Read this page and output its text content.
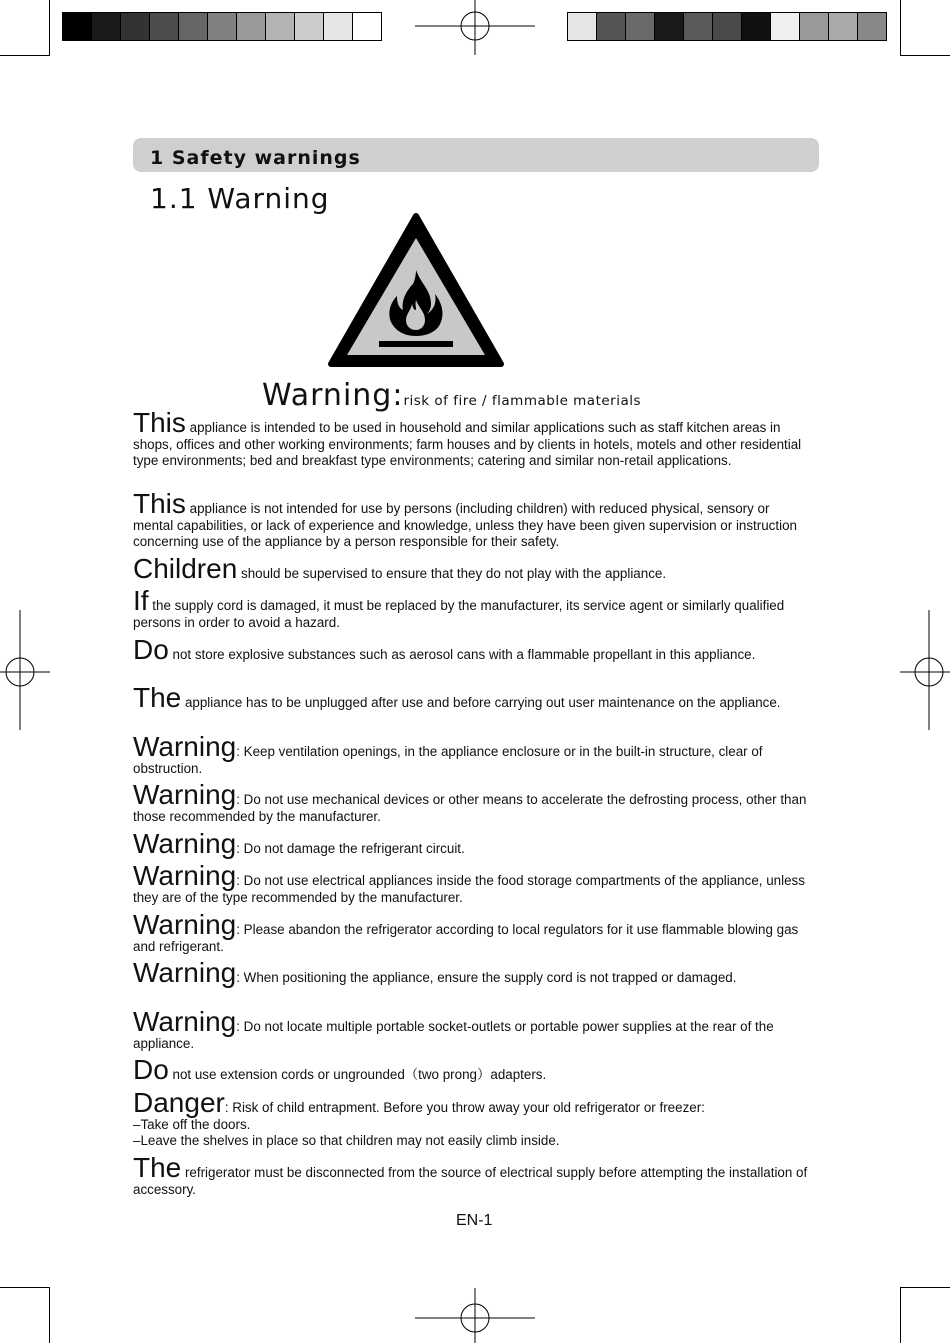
1 Safety warnings
1.1 Warning
Warning:risk of fire / flammable materials
This appliance is intended to be used in household and similar applications such as staff kitchen areas in shops, offices and other working environments; farm houses and by clients in hotels, motels and other residential type environments; bed and breakfast type environments; catering and similar non-retail applications.
This appliance is not intended for use by persons (including children) with reduced physical, sensory or mental capabilities, or lack of experience and knowledge, unless they have been given supervision or instruction concerning use of the appliance by a person responsible for their safety.
Children should be supervised to ensure that they do not play with the appliance.
If the supply cord is damaged, it must be replaced by the manufacturer, its service agent or similarly qualified persons in order to avoid a hazard.
Do not store explosive substances such as aerosol cans with a flammable propellant in this appliance.
The appliance has to be unplugged after use and before carrying out user maintenance on the appliance.
Warning: Keep ventilation openings, in the appliance enclosure or in the built-in structure, clear of obstruction.
Warning: Do not use mechanical devices or other means to accelerate the defrosting process, other than those recommended by the manufacturer.
Warning: Do not damage the refrigerant circuit.
Warning: Do not use electrical appliances inside the food storage compartments of the appliance, unless they are of the type recommended by the manufacturer.
Warning: Please abandon the refrigerator according to local regulators for it use flammable blowing gas and refrigerant.
Warning: When positioning the appliance, ensure the supply cord is not trapped or damaged.
Warning: Do not locate multiple portable socket-outlets or portable power supplies at the rear of the appliance.
Do not use extension cords or ungrounded（two prong）adapters.
Danger: Risk of child entrapment. Before you throw away your old refrigerator or freezer:
–Take off the doors.
–Leave the shelves in place so that children may not easily climb inside.
The refrigerator must be disconnected from the source of electrical supply before attempting the installation of accessory.
EN-1
